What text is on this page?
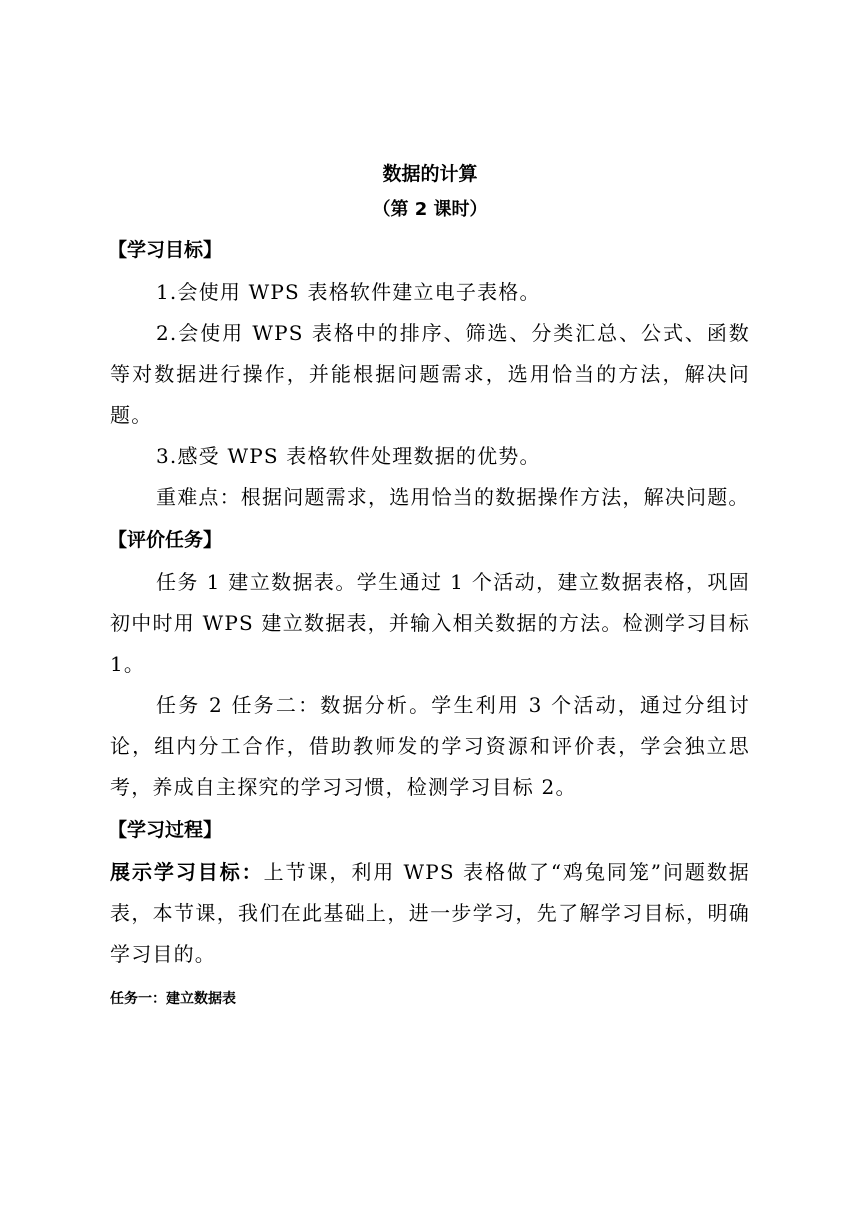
数据的计算
（第 2 课时）
【学习目标】

1.会使用 WPS 表格软件建立电子表格。

2.会使用 WPS 表格中的排序、筛选、分类汇总、公式、函数等对数据进行操作，并能根据问题需求，选用恰当的方法，解决问题。

3.感受 WPS 表格软件处理数据的优势。

重难点：根据问题需求，选用恰当的数据操作方法，解决问题。

【评价任务】

任务 1 建立数据表。学生通过 1 个活动，建立数据表格，巩固初中时用 WPS 建立数据表，并输入相关数据的方法。检测学习目标 1。

任务 2 任务二：数据分析。学生利用 3 个活动，通过分组讨论，组内分工合作，借助教师发的学习资源和评价表，学会独立思考，养成自主探究的学习习惯，检测学习目标 2。

【学习过程】

展示学习目标：上节课，利用 WPS 表格做了“鸡兔同笼”问题数据表，本节课，我们在此基础上，进一步学习，先了解学习目标，明确学习目的。

任务一：建立数据表
